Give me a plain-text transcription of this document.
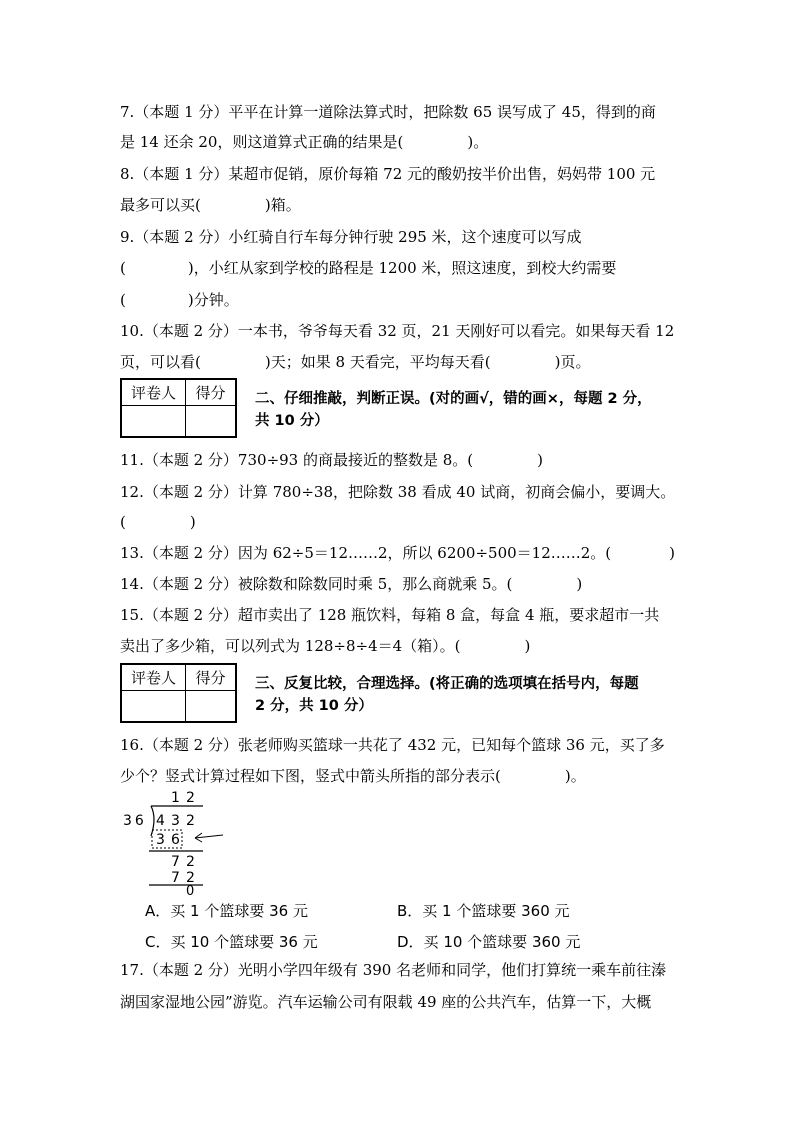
7.（本题 1 分）平平在计算一道除法算式时，把除数 65 误写成了 45，得到的商
是 14 还余 20，则这道算式正确的结果是(	)。
8.（本题 1 分）某超市促销，原价每箱 72 元的酸奶按半价出售，妈妈带 100 元
最多可以买(	)箱。
9.（本题 2 分）小红骑自行车每分钟行驶 295 米，这个速度可以写成
(	)，小红从家到学校的路程是 1200 米，照这速度，到校大约需要
(	)分钟。
10.（本题 2 分）一本书，爷爷每天看 32 页，21 天刚好可以看完。如果每天看 12
页，可以看(	)天；如果 8 天看完，平均每天看(	)页。
评卷人	得分	二、仔细推敲，判断正误。(对的画√，错的画×，每题 2 分，
共 10 分）
11.（本题 2 分）730÷93 的商最接近的整数是 8。(	)
12.（本题 2 分）计算 780÷38，把除数 38 看成 40 试商，初商会偏小，要调大。
(	)
13.（本题 2 分）因为 62÷5＝12……2，所以 6200÷500＝12……2。(	)
14.（本题 2 分）被除数和除数同时乘 5，那么商就乘 5。(	)
15.（本题 2 分）超市卖出了 128 瓶饮料，每箱 8 盒，每盒 4 瓶，要求超市一共
卖出了多少箱，可以列式为 128÷8÷4＝4（箱）。(	)
评卷人	得分	三、反复比较，合理选择。(将正确的选项填在括号内，每题
2 分，共 10 分）
16.（本题 2 分）张老师购买篮球一共花了 432 元，已知每个篮球 36 元，买了多
少个？竖式计算过程如下图，竖式中箭头所指的部分表示(	)。
1 2
36 4 3 2
3 6
7 2
7 2
0
A．买 1 个篮球要 36 元	B．买 1 个篮球要 360 元
C．买 10 个篮球要 36 元	D．买 10 个篮球要 360 元
17.（本题 2 分）光明小学四年级有 390 名老师和同学，他们打算统一乘车前往溱
湖国家湿地公园”游览。汽车运输公司有限载 49 座的公共汽车，估算一下，大概
